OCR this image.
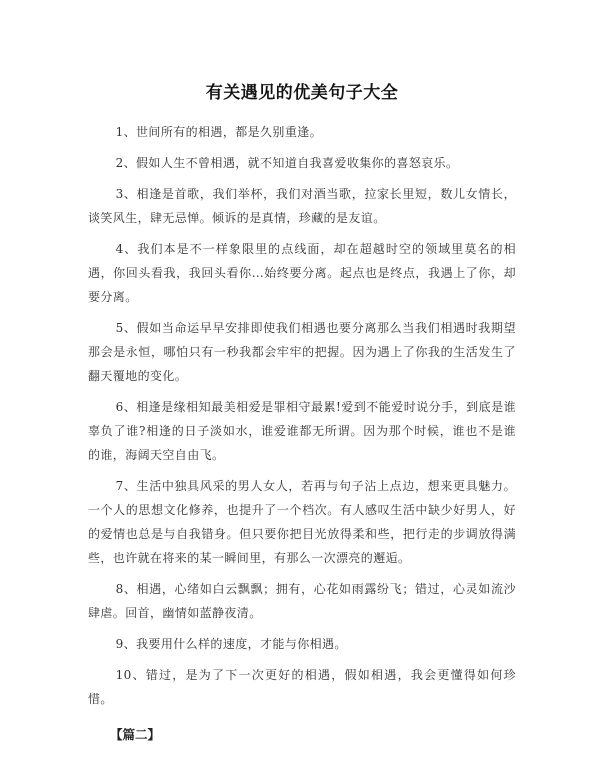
有关遇见的优美句子大全

1、世间所有的相遇，都是久别重逢。

2、假如人生不曾相遇，就不知道自我喜爱收集你的喜怒哀乐。

3、相逢是首歌，我们举杯，我们对酒当歌，拉家长里短，数儿女情长，谈笑风生，肆无忌惮。倾诉的是真情，珍藏的是友谊。

4、我们本是不一样象限里的点线面，却在超越时空的领域里莫名的相遇，你回头看我，我回头看你…始终要分离。起点也是终点，我遇上了你，却要分离。

5、假如当命运早早安排即使我们相遇也要分离那么当我们相遇时我期望那会是永恒，哪怕只有一秒我都会牢牢的把握。因为遇上了你我的生活发生了翻天覆地的变化。

6、相逢是缘相知最美相爱是罪相守最累!爱到不能爱时说分手，到底是谁辜负了谁?相逢的日子淡如水，谁爱谁都无所谓。因为那个时候，谁也不是谁的谁，海阔天空自由飞。

7、生活中独具风采的男人女人，若再与句子沾上点边，想来更具魅力。一个人的思想文化修养，也提升了一个档次。有人感叹生活中缺少好男人，好的爱情也总是与自我错身。但只要你把目光放得柔和些，把行走的步调放得满些，也许就在将来的某一瞬间里，有那么一次漂亮的邂逅。

8、相遇，心绪如白云飘飘；拥有，心花如雨露纷飞；错过，心灵如流沙肆虐。回首，幽情如蓝静夜清。

9、我要用什么样的速度，才能与你相遇。

10、错过，是为了下一次更好的相遇，假如相遇，我会更懂得如何珍惜。

【篇二】
